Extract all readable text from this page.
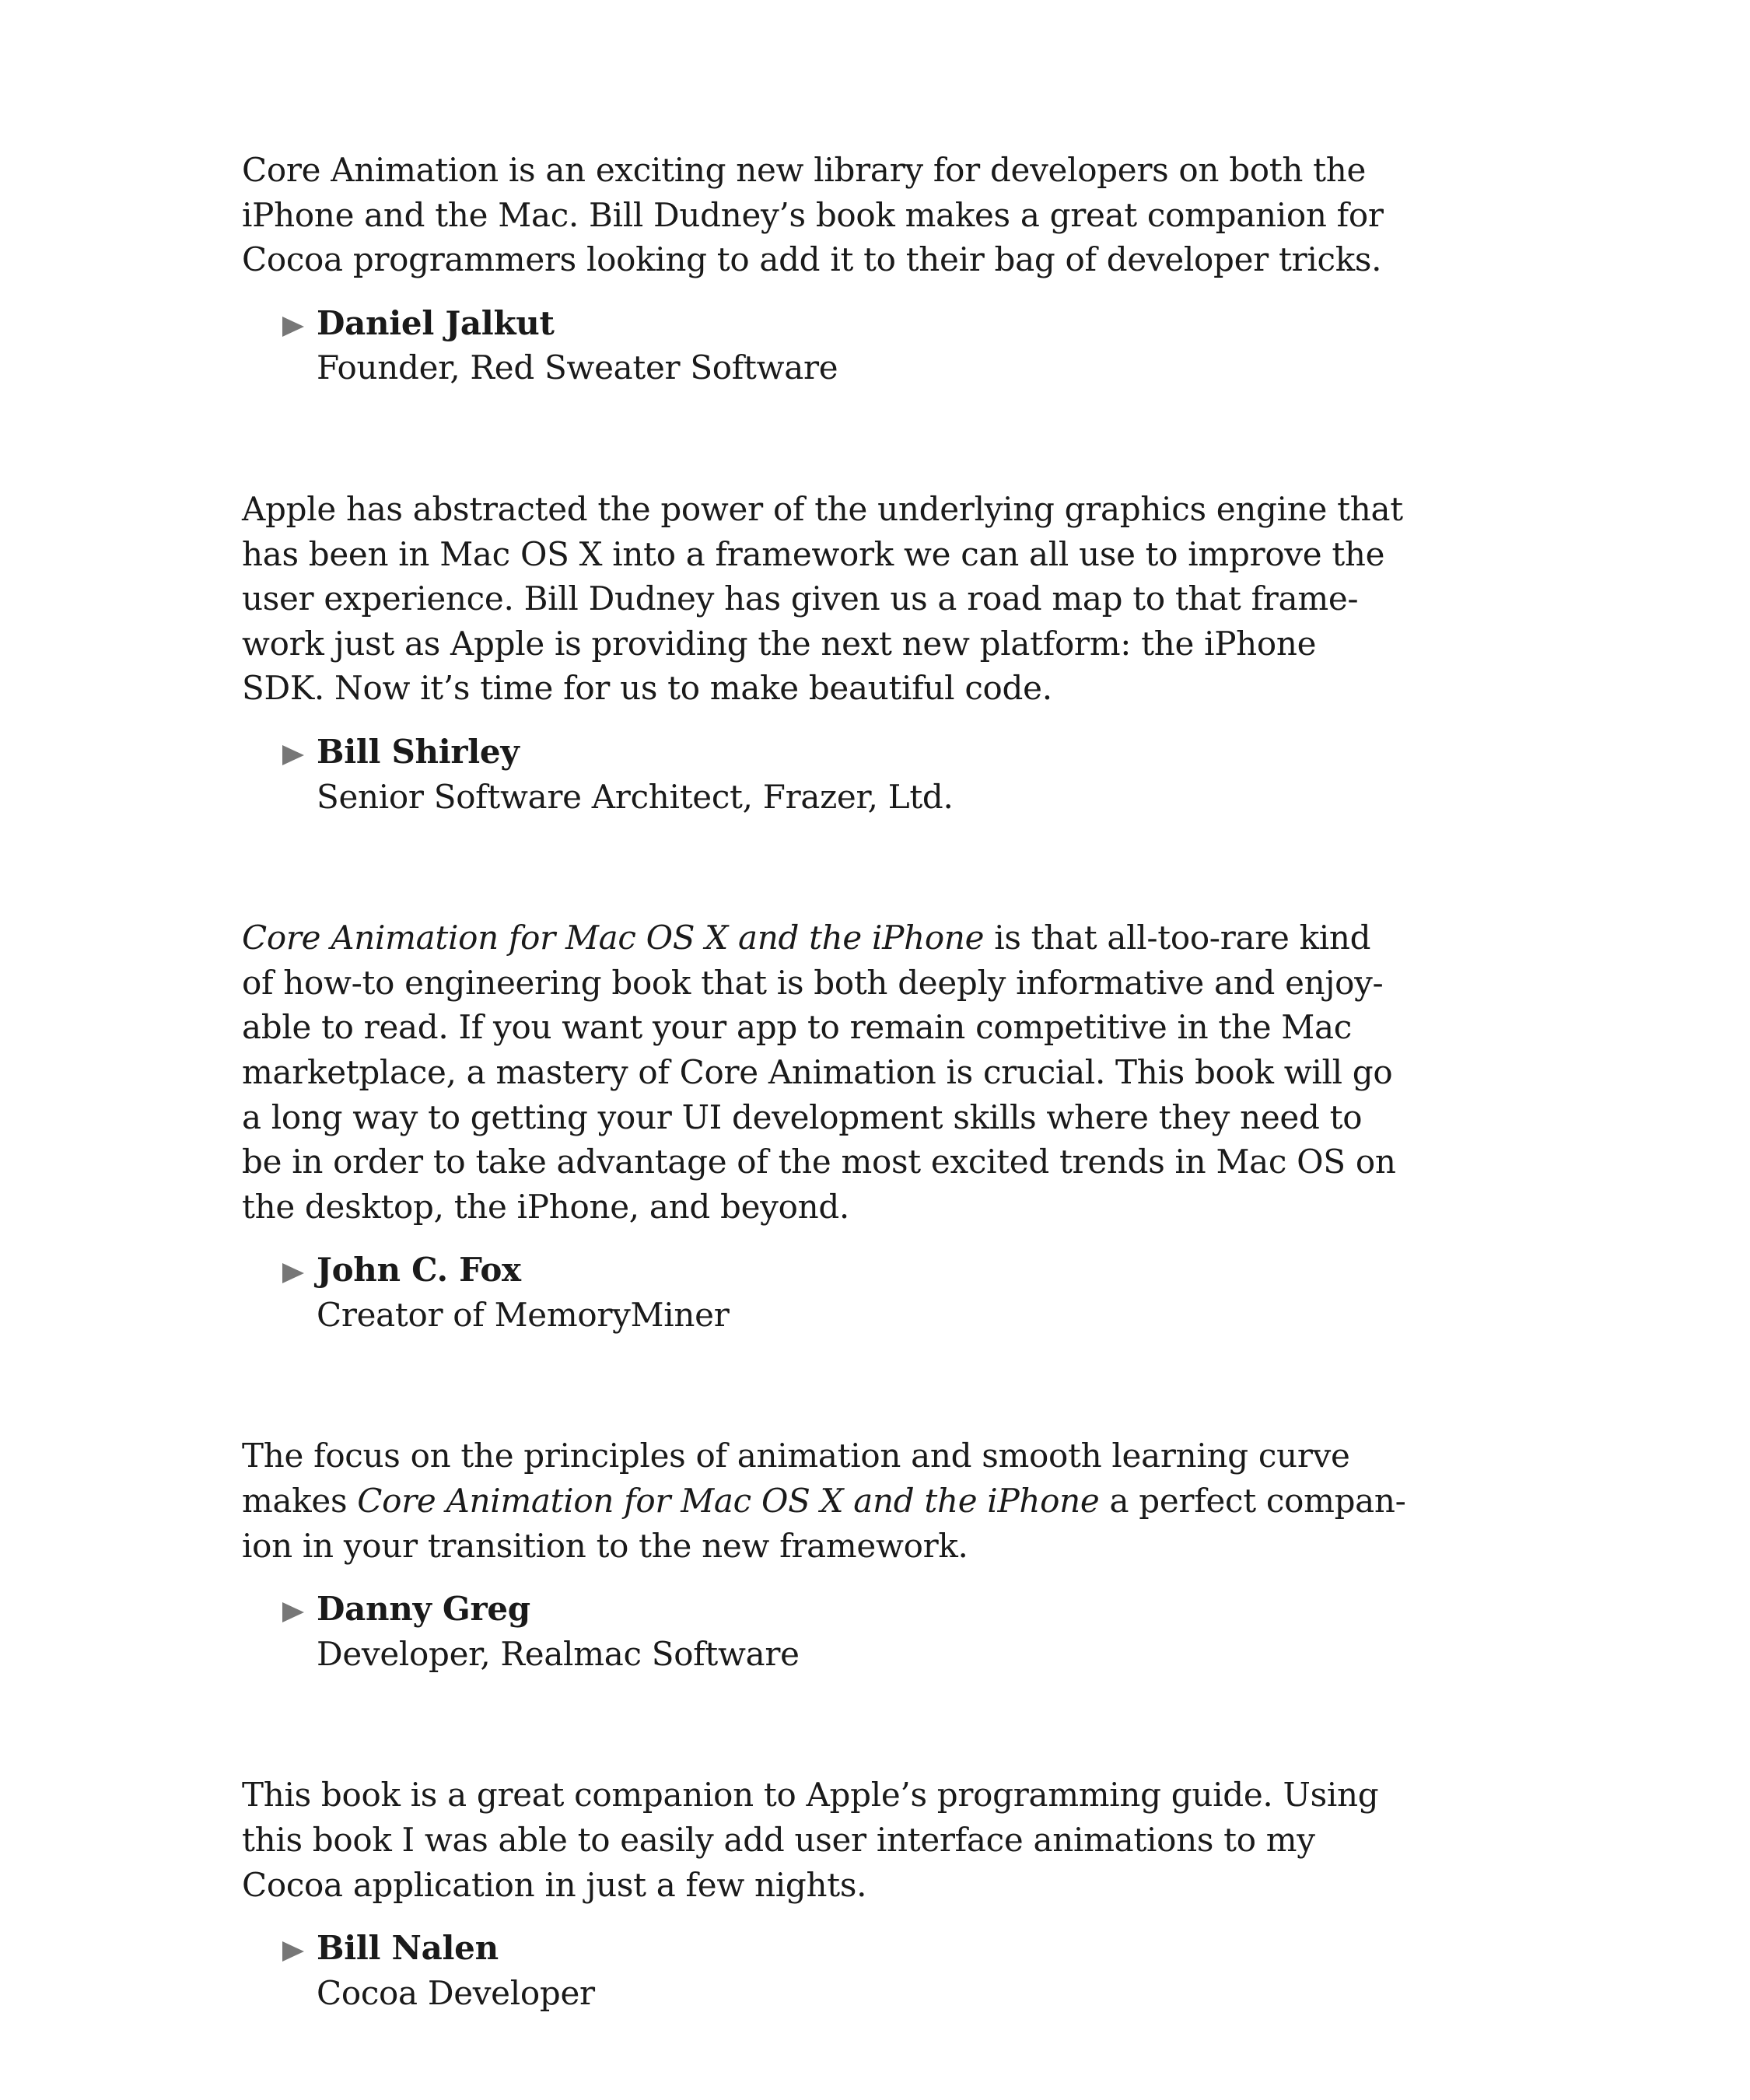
Core Animation is an exciting new library for developers on both the
iPhone and the Mac. Bill Dudney’s book makes a great companion for
Cocoa programmers looking to add it to their bag of developer tricks.

Daniel Jalkut
Founder, Red Sweater Software

Apple has abstracted the power of the underlying graphics engine that
has been in Mac OS X into a framework we can all use to improve the
user experience. Bill Dudney has given us a road map to that frame-
work just as Apple is providing the next new platform: the iPhone
SDK. Now it’s time for us to make beautiful code.

Bill Shirley
Senior Software Architect, Frazer, Ltd.

Core Animation for Mac OS X and the iPhone is that all-too-rare kind
of how-to engineering book that is both deeply informative and enjoy-
able to read. If you want your app to remain competitive in the Mac
marketplace, a mastery of Core Animation is crucial. This book will go
a long way to getting your UI development skills where they need to
be in order to take advantage of the most excited trends in Mac OS on
the desktop, the iPhone, and beyond.

John C. Fox
Creator of MemoryMiner

The focus on the principles of animation and smooth learning curve
makes Core Animation for Mac OS X and the iPhone a perfect compan-
ion in your transition to the new framework.

Danny Greg
Developer, Realmac Software

This book is a great companion to Apple’s programming guide. Using
this book I was able to easily add user interface animations to my
Cocoa application in just a few nights.

Bill Nalen
Cocoa Developer
